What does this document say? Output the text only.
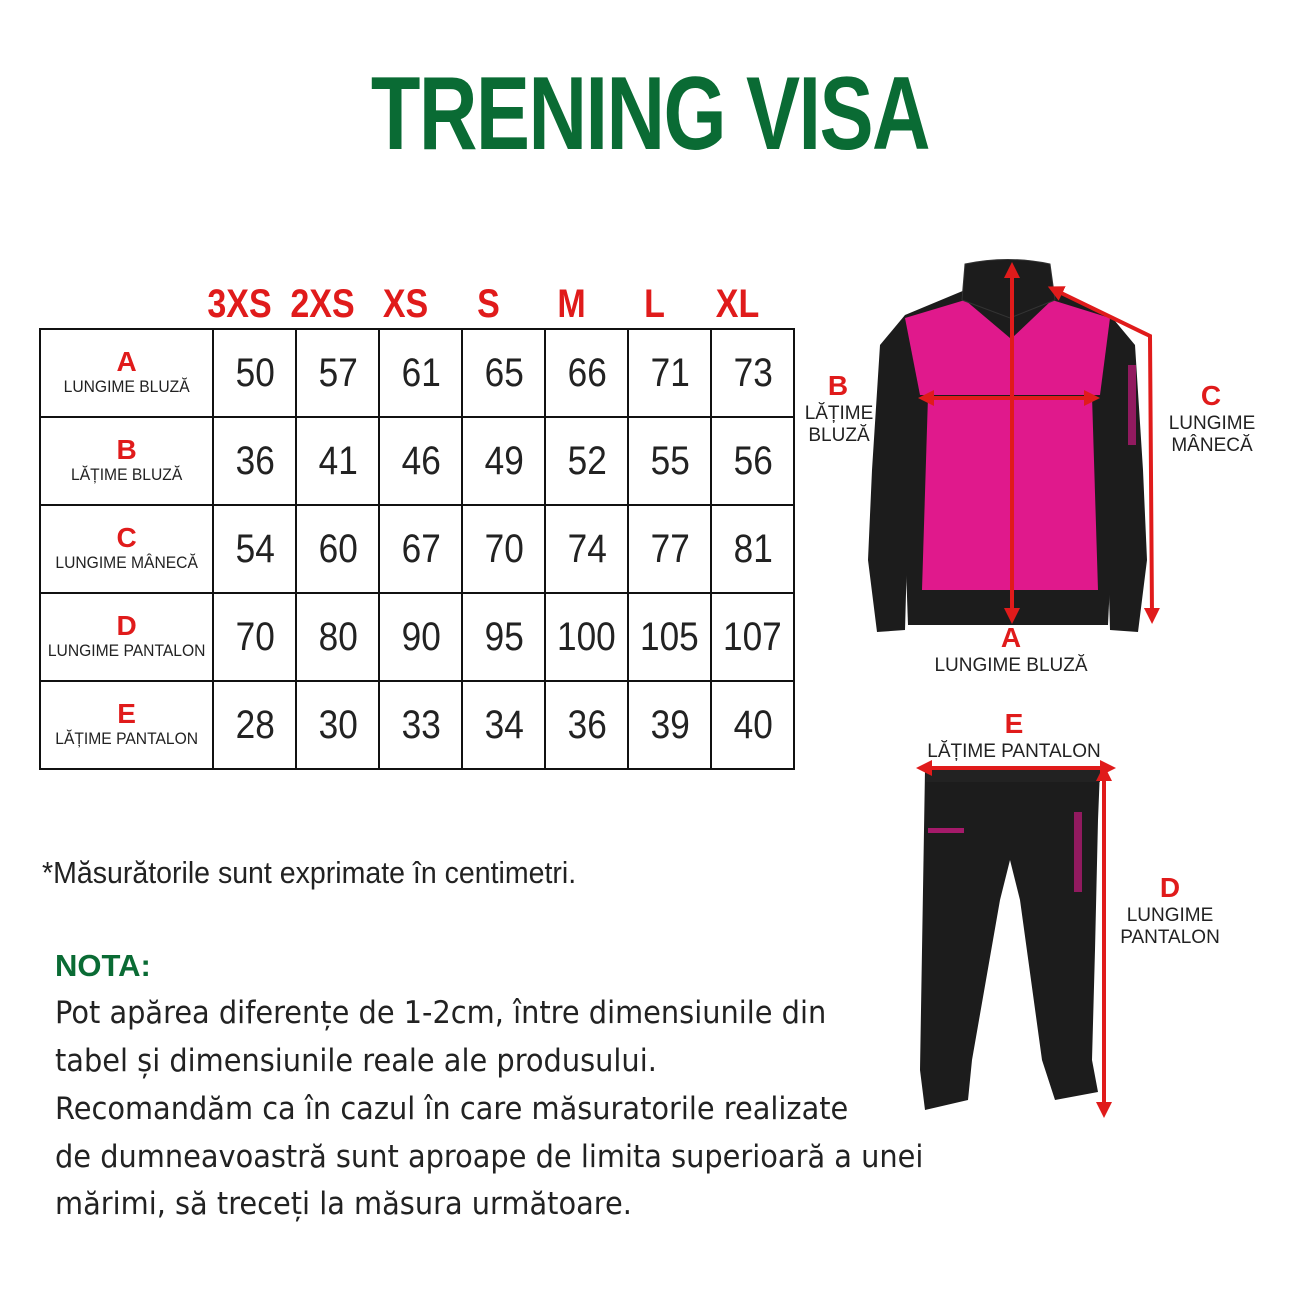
TRENING VISA
3XS 2XS XS	S	M	L	XL
A
LUNGIME BLUZĂ	50	57	61	65	66	71	73

B
LĂȚIME BLUZĂ	36	41	46	49	52	55	56

C
LUNGIME MÂNECĂ	54	60	67	70	74	77	81

D
LUNGIME PANTALON	70	80	90	95	100	105	107

E
LĂȚIME PANTALON	28	30	33	34	36	39	40
*Măsurătorile sunt exprimate în centimetri.
NOTA:
Pot apărea diferențe de 1-2cm, între dimensiunile din
tabel și dimensiunile reale ale produsului.
Recomandăm ca în cazul în care măsuratorile realizate
de dumneavoastră sunt aproape de limita superioară a unei
mărimi, să treceți la măsura următoare.
B
LĂȚIME
BLUZĂ
C
LUNGIME
MÂNECĂ
A
LUNGIME BLUZĂ
E
LĂȚIME PANTALON
D
LUNGIME
PANTALON
